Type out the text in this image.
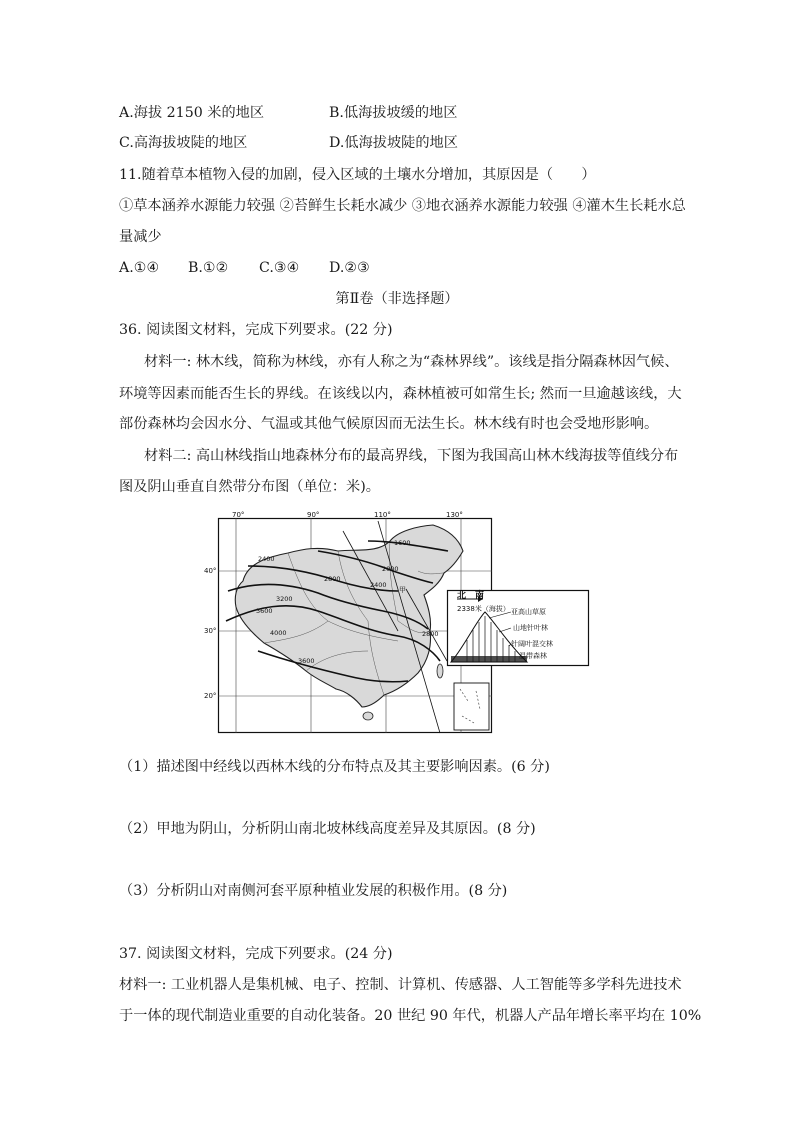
A.海拔 2150 米的地区	B.低海拔坡缓的地区
C.高海拔坡陡的地区	D.低海拔坡陡的地区
11.随着草本植物入侵的加剧，侵入区域的土壤水分增加，其原因是（　　）
①草本涵养水源能力较强 ②苔鲜生长耗水减少 ③地衣涵养水源能力较强 ④灌木生长耗水总
量减少
A.①④ B.①② C.③④ D.②③
第Ⅱ卷（非选择题）
36. 阅读图文材料，完成下列要求。(22 分)
材料一: 林木线，简称为林线，亦有人称之为“森林界线”。该线是指分隔森林因气候、
环境等因素而能否生长的界线。在该线以内，森林植被可如常生长; 然而一旦逾越该线，大
部份森林均会因水分、气温或其他气候原因而无法生长。林木线有时也会受地形影响。
材料二: 高山林线指山地森林分布的最高界线，下图为我国高山林木线海拔等值线分布
图及阴山垂直自然带分布图（单位：米)。
70°	90°	110°	130°
40°
30°
20°
1600
2000
2400
2800
3200
3600
4000
2400
2800
3600
甲
北 南
2338米（海拔） 亚高山草原
山地针叶林
针阔叶混交林
温带森林
（1）描述图中经线以西林木线的分布特点及其主要影响因素。(6 分)
（2）甲地为阴山，分析阴山南北坡林线高度差异及其原因。(8 分)
（3）分析阴山对南侧河套平原种植业发展的积极作用。(8 分)
37. 阅读图文材料，完成下列要求。(24 分)
材料一: 工业机器人是集机械、电子、控制、计算机、传感器、人工智能等多学科先进技术
于一体的现代制造业重要的自动化装备。20 世纪 90 年代，机器人产品年增长率平均在 10%
